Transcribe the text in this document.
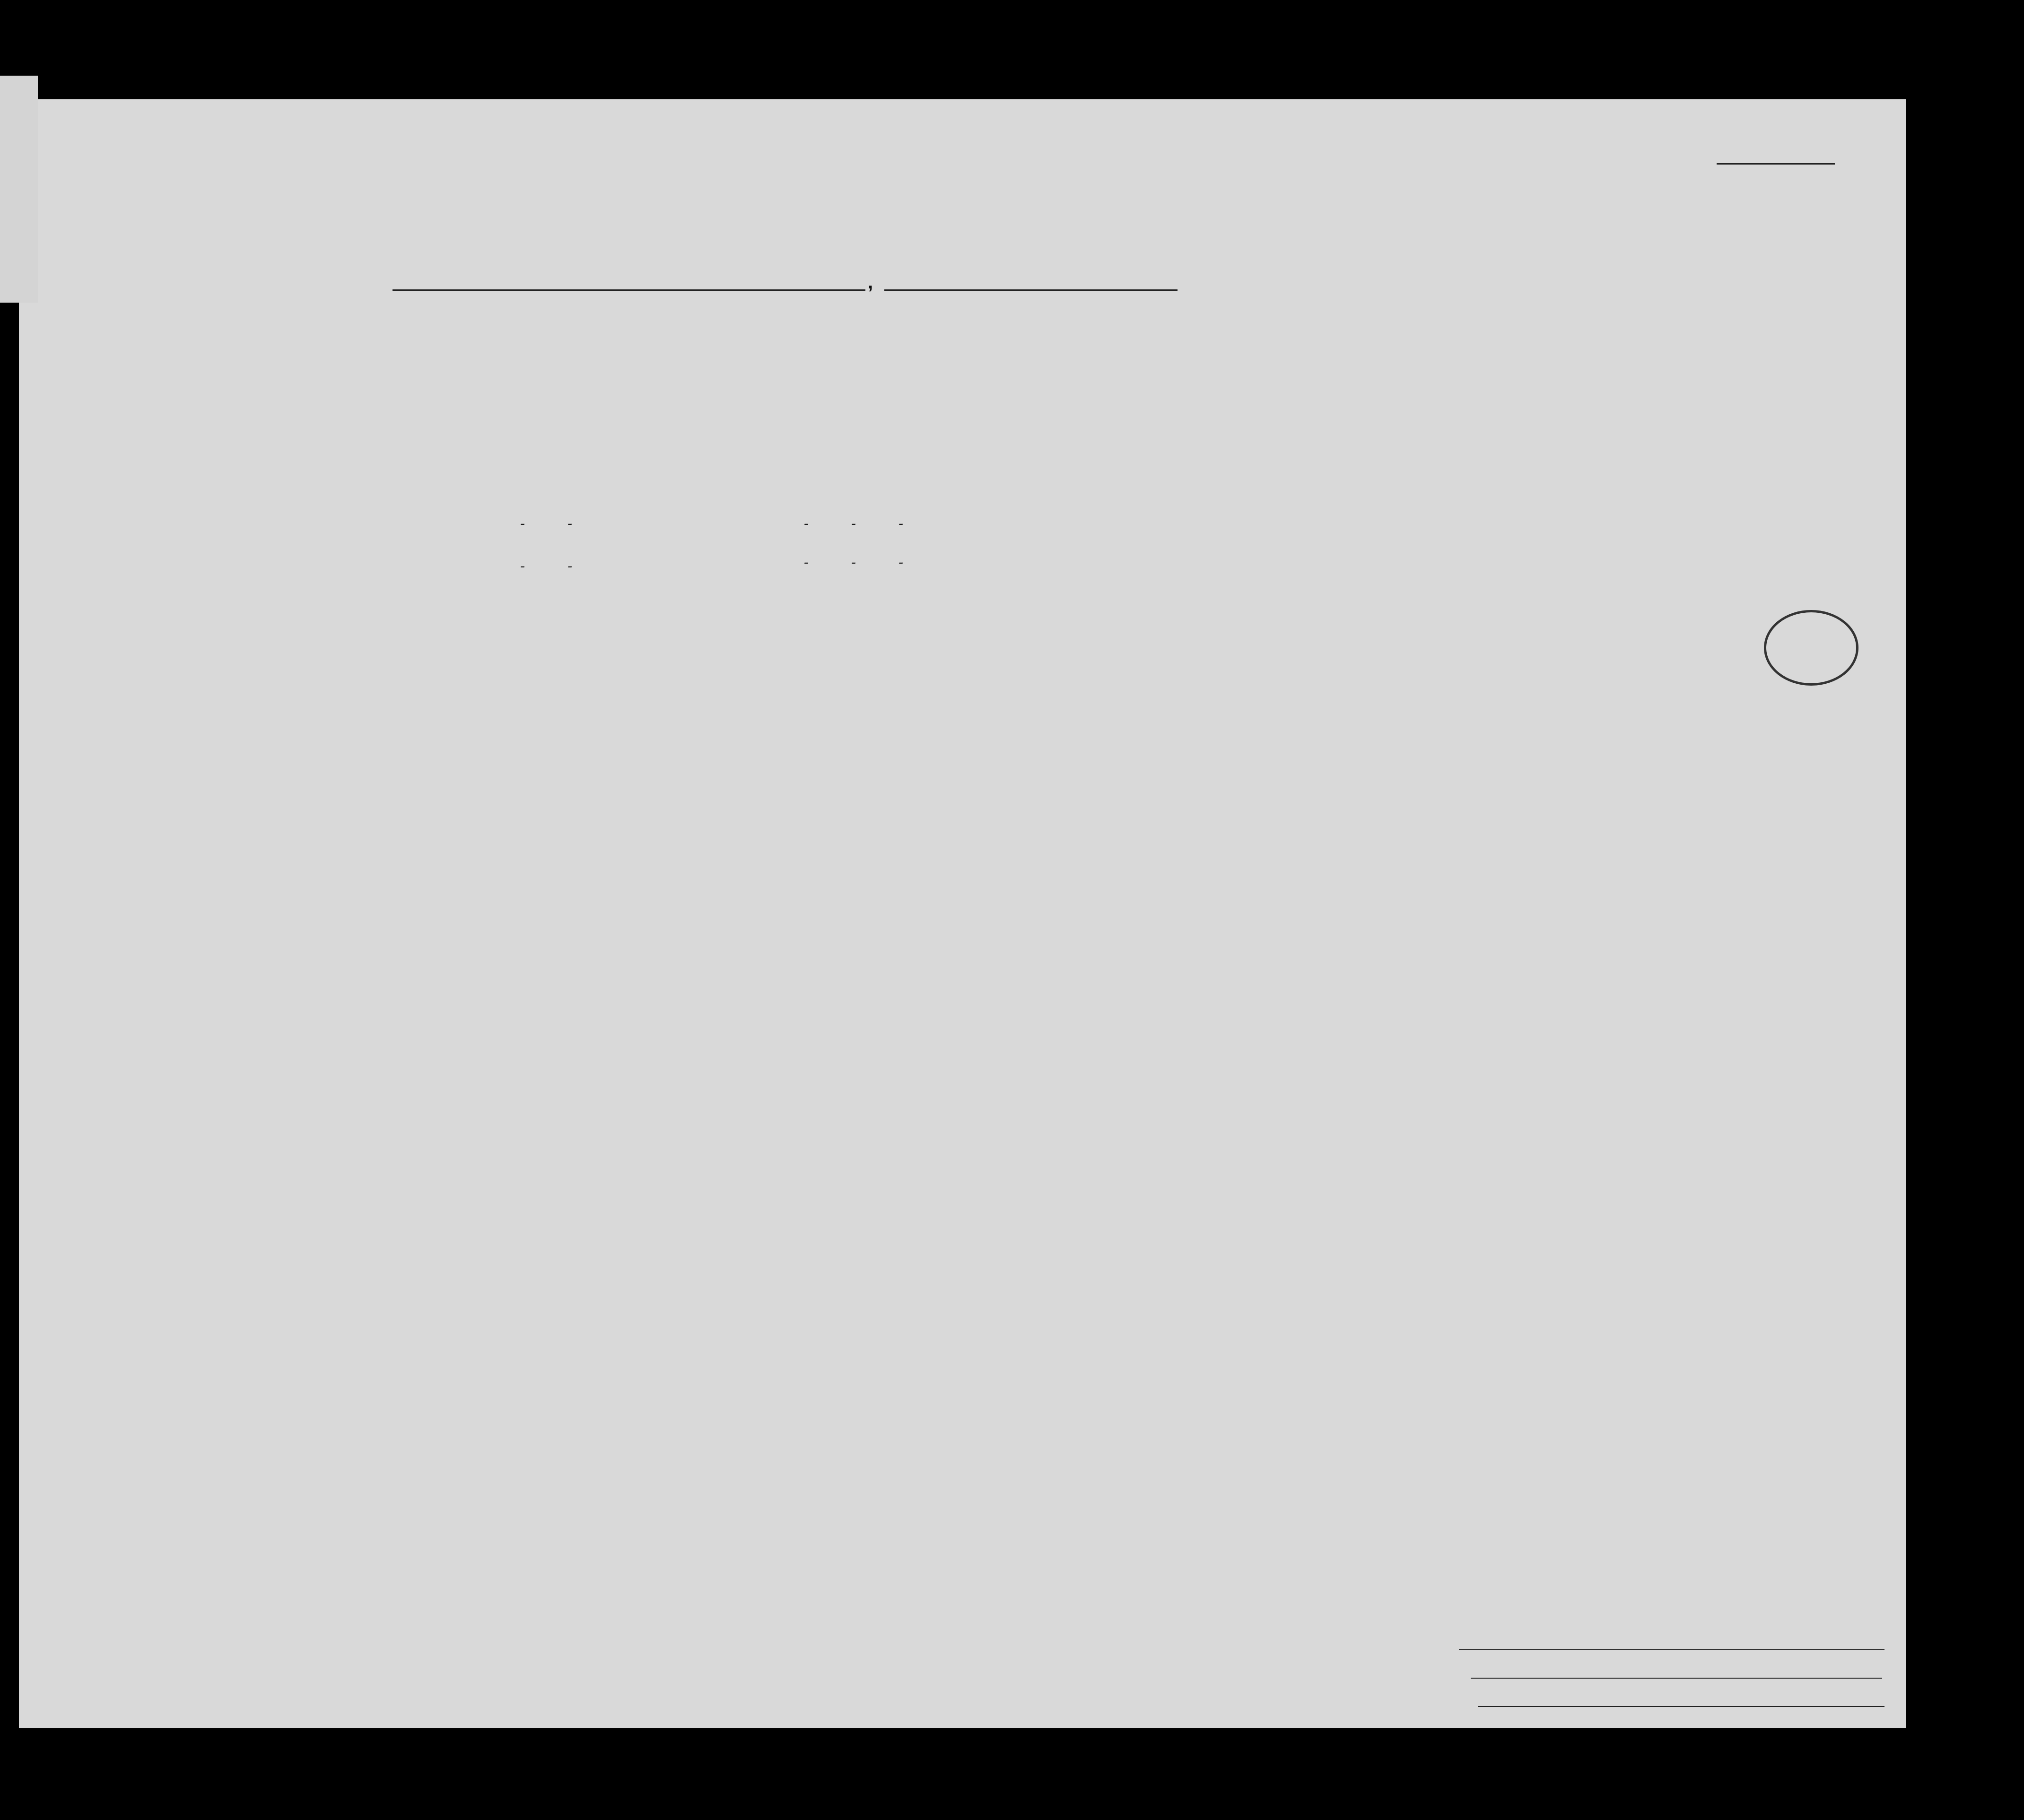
,
-	-	-	-	-
-	-	-	-	-
